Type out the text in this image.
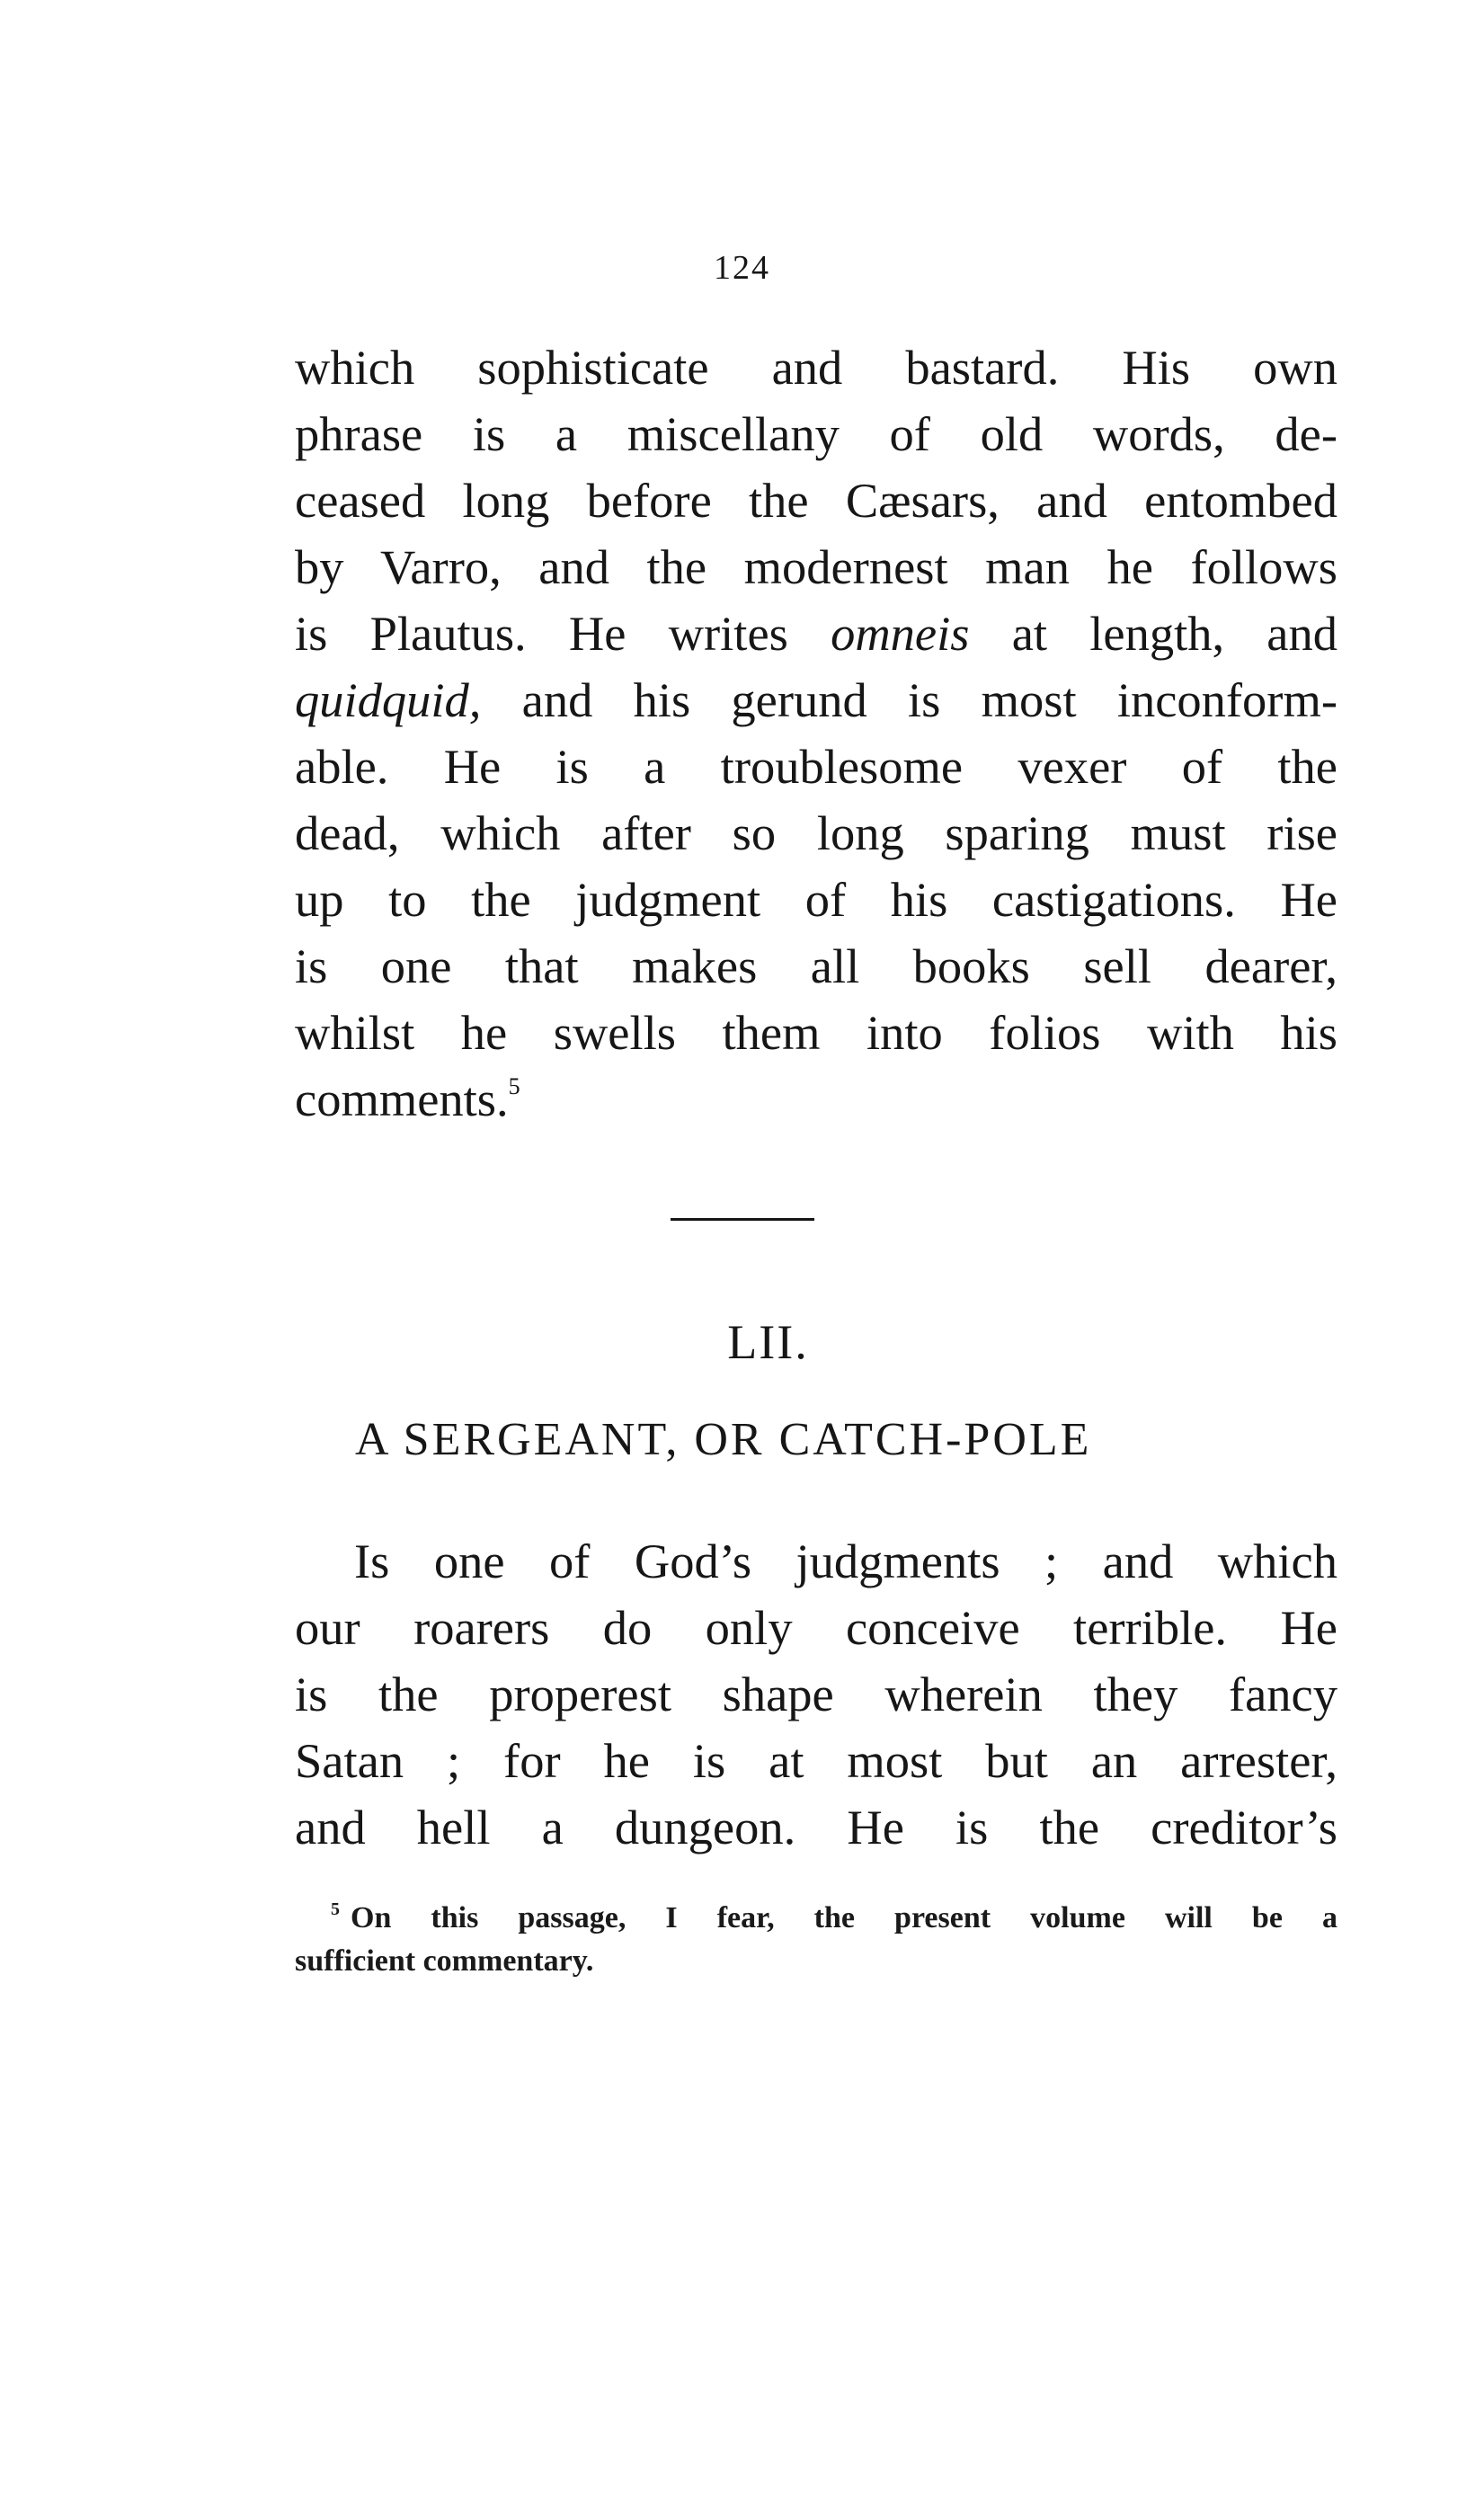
124
which sophisticate and bastard. His own
phrase is a miscellany of old words, de-
ceased long before the Cæsars, and entombed
by Varro, and the modernest man he follows
is Plautus. He writes omneis at length, and
quidquid, and his gerund is most inconform-
able. He is a troublesome vexer of the
dead, which after so long sparing must rise
up to the judgment of his castigations. He
is one that makes all books sell dearer,
whilst he swells them into folios with his
comments.$^5$
LII.
A SERGEANT, OR CATCH-POLE
Is one of God’s judgments ; and which
our roarers do only conceive terrible. He
is the properest shape wherein they fancy
Satan ; for he is at most but an arrester,
and hell a dungeon. He is the creditor’s
$^5$ On this passage, I fear, the present volume will be a
sufficient commentary.
